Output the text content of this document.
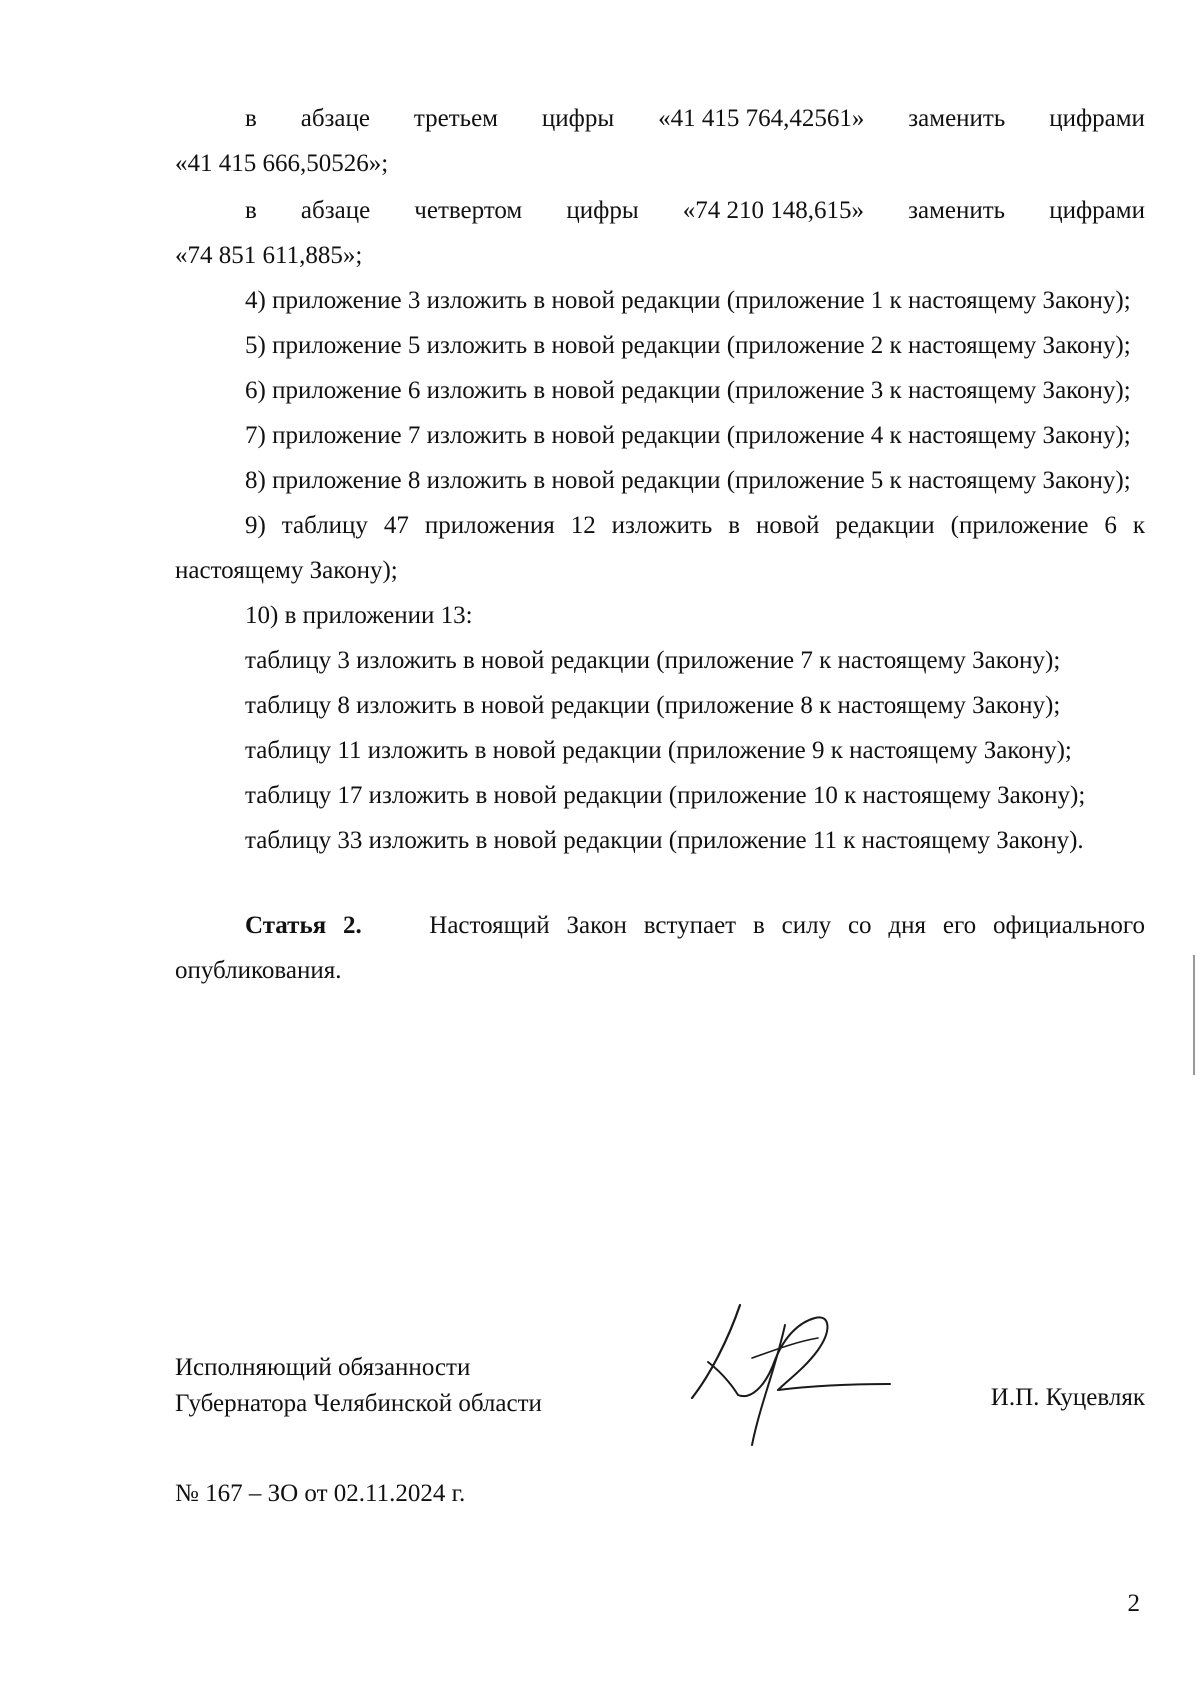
в абзаце третьем цифры «41 415 764,42561» заменить цифрами

«41 415 666,50526»;

в абзаце четвертом цифры «74 210 148,615» заменить цифрами

«74 851 611,885»;

4) приложение 3 изложить в новой редакции (приложение 1 к настоящему Закону);

5) приложение 5 изложить в новой редакции (приложение 2 к настоящему Закону);

6) приложение 6 изложить в новой редакции (приложение 3 к настоящему Закону);

7) приложение 7 изложить в новой редакции (приложение 4 к настоящему Закону);

8) приложение 8 изложить в новой редакции (приложение 5 к настоящему Закону);

9) таблицу 47 приложения 12 изложить в новой редакции (приложение 6 к настоящему Закону);

10) в приложении 13:

таблицу 3 изложить в новой редакции (приложение 7 к настоящему Закону);

таблицу 8 изложить в новой редакции (приложение 8 к настоящему Закону);

таблицу 11 изложить в новой редакции (приложение 9 к настоящему Закону);

таблицу 17 изложить в новой редакции (приложение 10 к настоящему Закону);

таблицу 33 изложить в новой редакции (приложение 11 к настоящему Закону).

Статья 2.	Настоящий Закон вступает в силу со дня его официального опубликования.

Исполняющий обязанности
Губернатора Челябинской области	И.П. Куцевляк
№ 167 – ЗО от 02.11.2024 г.
2
